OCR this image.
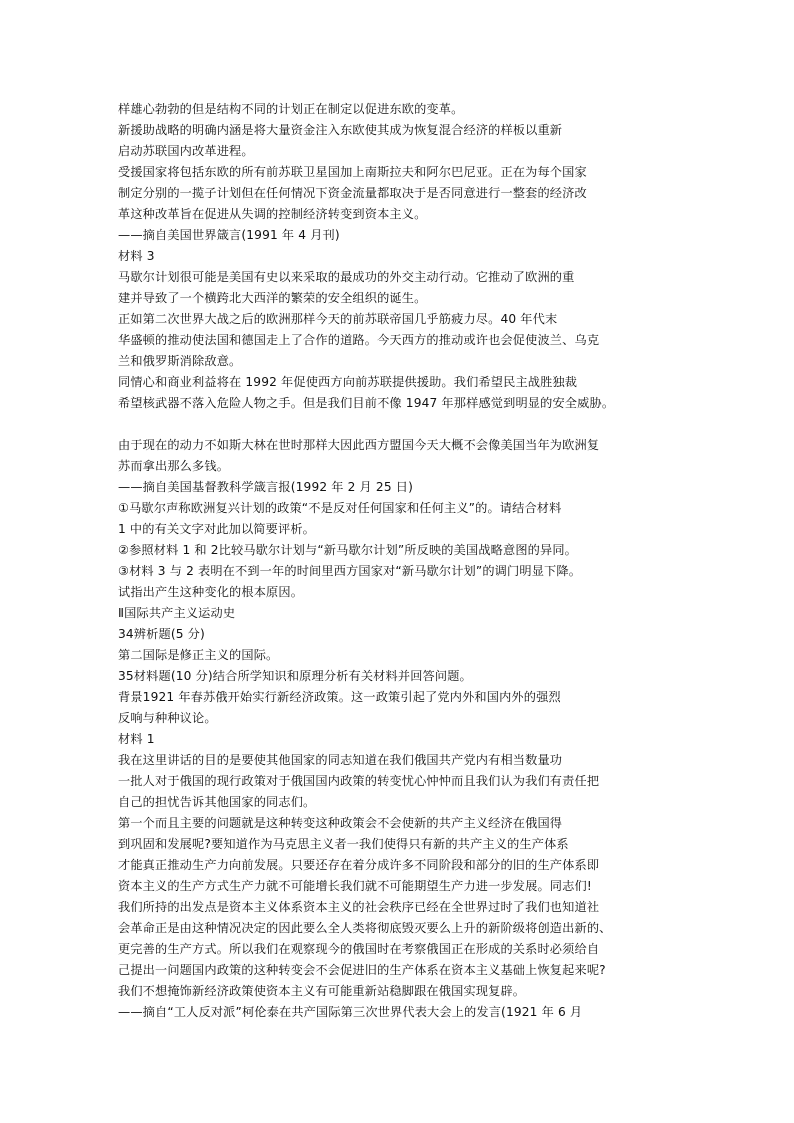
样雄心勃勃的但是结构不同的计划正在制定以促进东欧的变革。
新援助战略的明确内涵是将大量资金注入东欧使其成为恢复混合经济的样板以重新
启动苏联国内改革进程。
受援国家将包括东欧的所有前苏联卫星国加上南斯拉夫和阿尔巴尼亚。正在为每个国家
制定分别的一揽子计划但在任何情况下资金流量都取决于是否同意进行一整套的经济改
革这种改革旨在促进从失调的控制经济转变到资本主义。
——摘自美国世界箴言(1991 年 4 月刊)
材料 3
马歇尔计划很可能是美国有史以来采取的最成功的外交主动行动。它推动了欧洲的重
建并导致了一个横跨北大西洋的繁荣的安全组织的诞生。
正如第二次世界大战之后的欧洲那样今天的前苏联帝国几乎筋疲力尽。40 年代末
华盛顿的推动使法国和德国走上了合作的道路。今天西方的推动或许也会促使波兰、乌克
兰和俄罗斯消除敌意。
同情心和商业利益将在 1992 年促使西方向前苏联提供援助。我们希望民主战胜独裁
希望核武器不落入危险人物之手。但是我们目前不像 1947 年那样感觉到明显的安全威胁。
由于现在的动力不如斯大林在世时那样大因此西方盟国今天大概不会像美国当年为欧洲复
苏而拿出那么多钱。
——摘自美国基督教科学箴言报(1992 年 2 月 25 日)
①马歇尔声称欧洲复兴计划的政策“不是反对任何国家和任何主义”的。请结合材料
1 中的有关文字对此加以简要评析。
②参照材料 1 和 2比较马歇尔计划与“新马歇尔计划”所反映的美国战略意图的异同。
③材料 3 与 2 表明在不到一年的时间里西方国家对“新马歇尔计划”的调门明显下降。
试指出产生这种变化的根本原因。
Ⅱ国际共产主义运动史
34辨析题(5 分)
第二国际是修正主义的国际。
35材料题(10 分)结合所学知识和原理分析有关材料并回答问题。
背景1921 年春苏俄开始实行新经济政策。这一政策引起了党内外和国内外的强烈
反响与种种议论。
材料 1
我在这里讲话的目的是要使其他国家的同志知道在我们俄国共产党内有相当数量功
一批人对于俄国的现行政策对于俄国国内政策的转变忧心忡忡而且我们认为我们有责任把
自己的担忧告诉其他国家的同志们。
第一个而且主要的问题就是这种转变这种政策会不会使新的共产主义经济在俄国得
到巩固和发展呢?要知道作为马克思主义者一我们使得只有新的共产主义的生产体系
才能真正推动生产力向前发展。只要还存在着分成许多不同阶段和部分的旧的生产体系即
资本主义的生产方式生产力就不可能增长我们就不可能期望生产力进一步发展。同志们!
我们所持的出发点是资本主义体系资本主义的社会秩序已经在全世界过时了我们也知道社
会革命正是由这种情况决定的因此要么全人类将彻底毁灭要么上升的新阶级将创造出新的、
更完善的生产方式。所以我们在观察现今的俄国时在考察俄国正在形成的关系时必须给自
己提出一问题国内政策的这种转变会不会促进旧的生产体系在资本主义基础上恢复起来呢?
我们不想掩饰新经济政策使资本主义有可能重新站稳脚跟在俄国实现复辟。
——摘自“工人反对派”柯伦泰在共产国际第三次世界代表大会上的发言(1921 年 6 月
